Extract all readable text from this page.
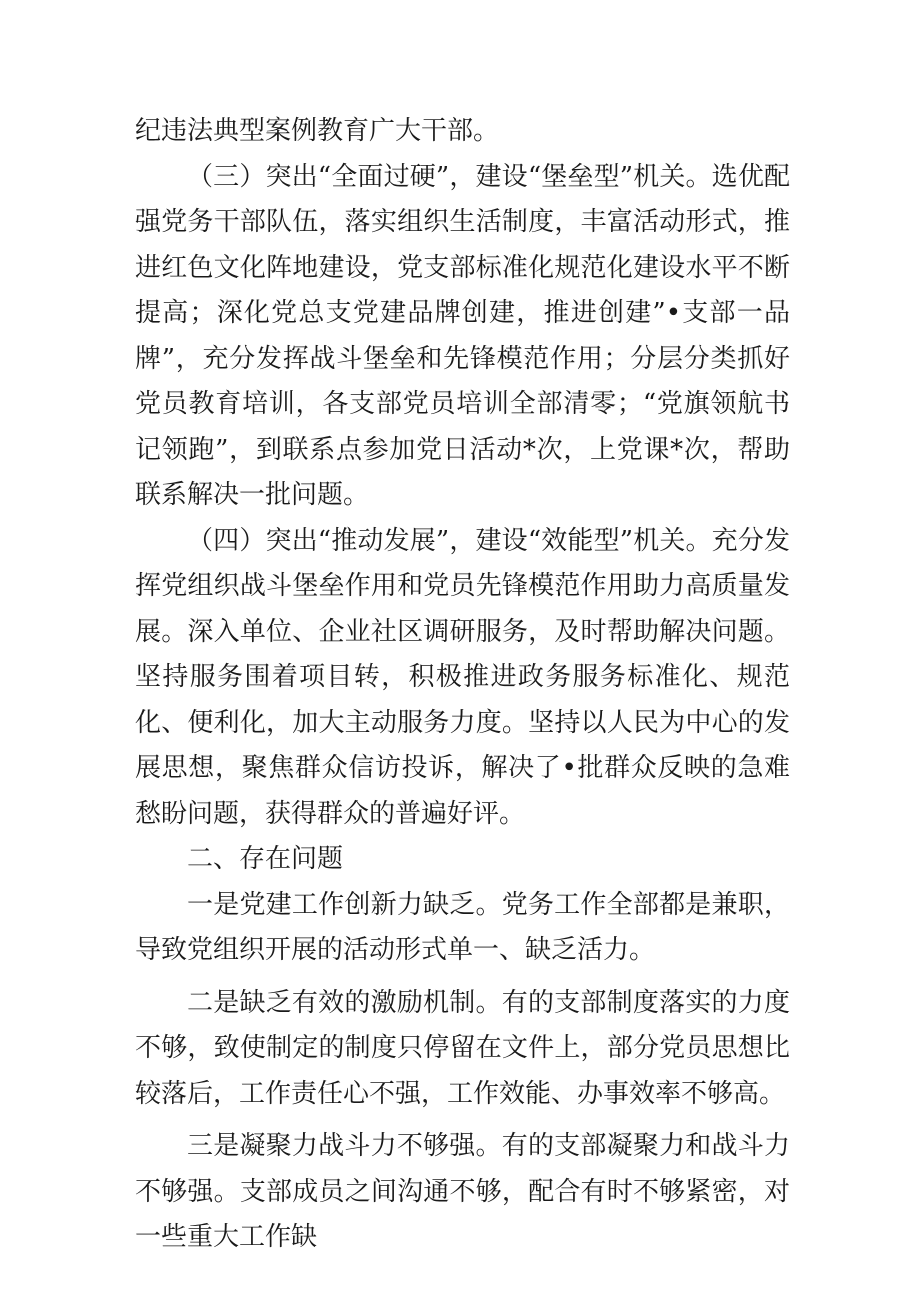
纪违法典型案例教育广大干部。

（三）突出“全面过硬”，建设“堡垒型”机关。选优配强党务干部队伍，落实组织生活制度，丰富活动形式，推进红色文化阵地建设，党支部标准化规范化建设水平不断提高；深化党总支党建品牌创建，推进创建”•支部一品牌”，充分发挥战斗堡垒和先锋模范作用；分层分类抓好党员教育培训，各支部党员培训全部清零；“党旗领航书记领跑”，到联系点参加党日活动*次，上党课*次，帮助联系解决一批问题。

（四）突出“推动发展”，建设“效能型”机关。充分发挥党组织战斗堡垒作用和党员先锋模范作用助力高质量发展。深入单位、企业社区调研服务，及时帮助解决问题。坚持服务围着项目转，积极推进政务服务标准化、规范化、便利化，加大主动服务力度。坚持以人民为中心的发展思想，聚焦群众信访投诉，解决了•批群众反映的急难愁盼问题，获得群众的普遍好评。

二、存在问题

一是党建工作创新力缺乏。党务工作全部都是兼职，导致党组织开展的活动形式单一、缺乏活力。

二是缺乏有效的激励机制。有的支部制度落实的力度不够，致使制定的制度只停留在文件上，部分党员思想比较落后，工作责任心不强，工作效能、办事效率不够高。

三是凝聚力战斗力不够强。有的支部凝聚力和战斗力不够强。支部成员之间沟通不够，配合有时不够紧密，对一些重大工作缺
